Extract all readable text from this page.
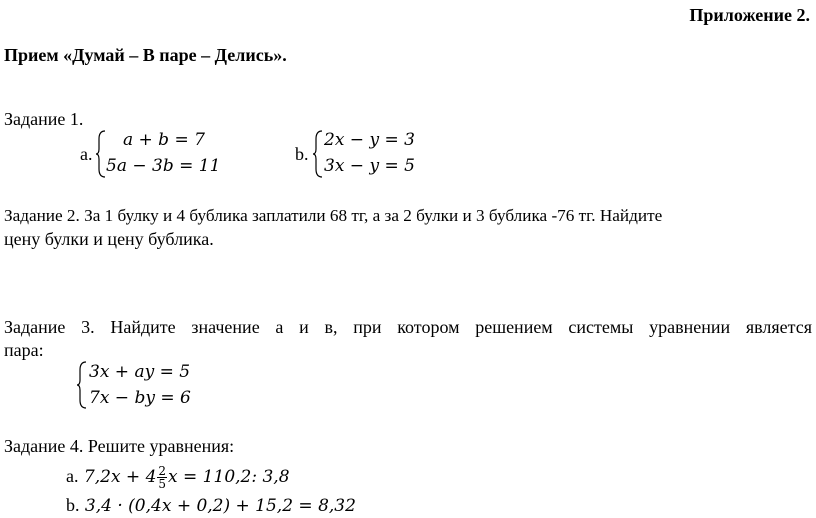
Приложение 2.
Прием «Думай – В паре – Делись».
Задание 1.
a.
a + b = 7
5a − 3b = 11
b.
2x − y = 3
3x − y = 5
Задание 2. За 1 булку и 4 бублика заплатили 68 тг, а за 2 булки и 3 бублика -76 тг. Найдите
цену булки и цену бублика.
Задание 3. Найдите значение а и в, при котором решением системы уравнении является
пара:
3x + ay = 5
7x − by = 6
Задание 4. Решите уравнения:
a. $7,2x + 4 \frac{2}{5}$ x = 110,2: 3,8
b. 3,4 · (0,4x + 0,2) + 15,2 = 8,32
